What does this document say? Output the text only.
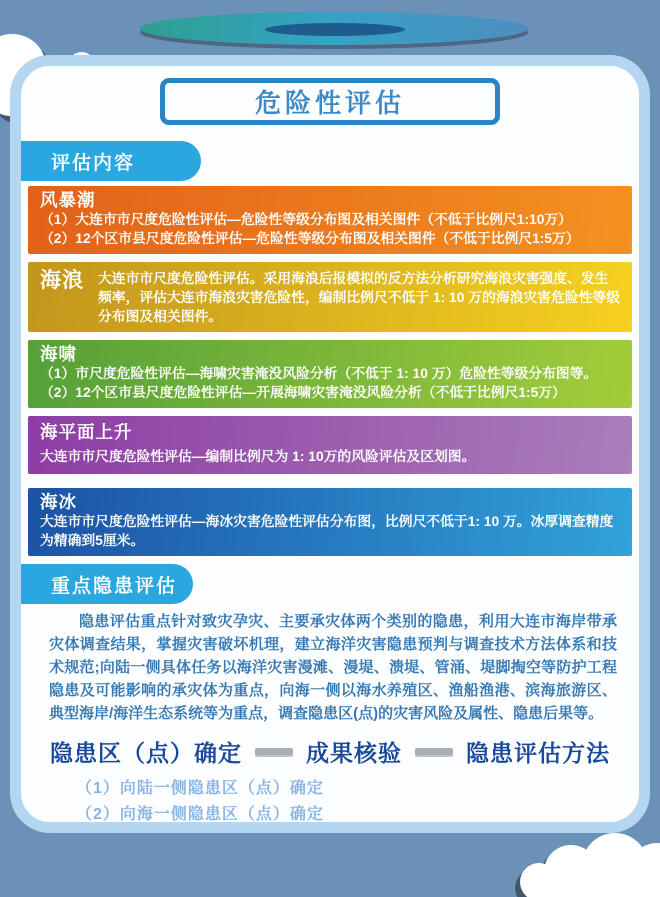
危险性评估
评估内容
风暴潮
（1）大连市市尺度危险性评估—危险性等级分布图及相关图件（不低于比例尺1:10万）
（2）12个区市县尺度危险性评估—危险性等级分布图及相关图件（不低于比例尺1:5万）
海浪 大连市市尺度危险性评估。采用海浪后报模拟的反方法分析研究海浪灾害强度、发生频率，评估大连市海浪灾害危险性，编制比例尺不低于 1: 10 万的海浪灾害危险性等级分布图及相关图件。
海啸
（1）市尺度危险性评估—海啸灾害淹没风险分析（不低于 1: 10 万）危险性等级分布图等。
（2）12个区市县尺度危险性评估—开展海啸灾害淹没风险分析（不低于比例尺1:5万）
海平面上升
大连市市尺度危险性评估—编制比例尺为 1: 10万的风险评估及区划图。
海冰
大连市市尺度危险性评估—海冰灾害危险性评估分布图，比例尺不低于1: 10 万。冰厚调查精度为精确到5厘米。
重点隐患评估

隐患评估重点针对致灾孕灾、主要承灾体两个类别的隐患，利用大连市海岸带承灾体调查结果，掌握灾害破坏机理，建立海洋灾害隐患预判与调查技术方法体系和技术规范;向陆一侧具体任务以海洋灾害漫滩、漫堤、溃堤、管涌、堤脚掏空等防护工程隐患及可能影响的承灾体为重点，向海一侧以海水养殖区、渔船渔港、滨海旅游区、典型海岸/海洋生态系统等为重点，调查隐患区(点)的灾害风险及属性、隐患后果等。

隐患区（点）确定	成果核验	隐患评估方法
（1）向陆一侧隐患区（点）确定
（2）向海一侧隐患区（点）确定
